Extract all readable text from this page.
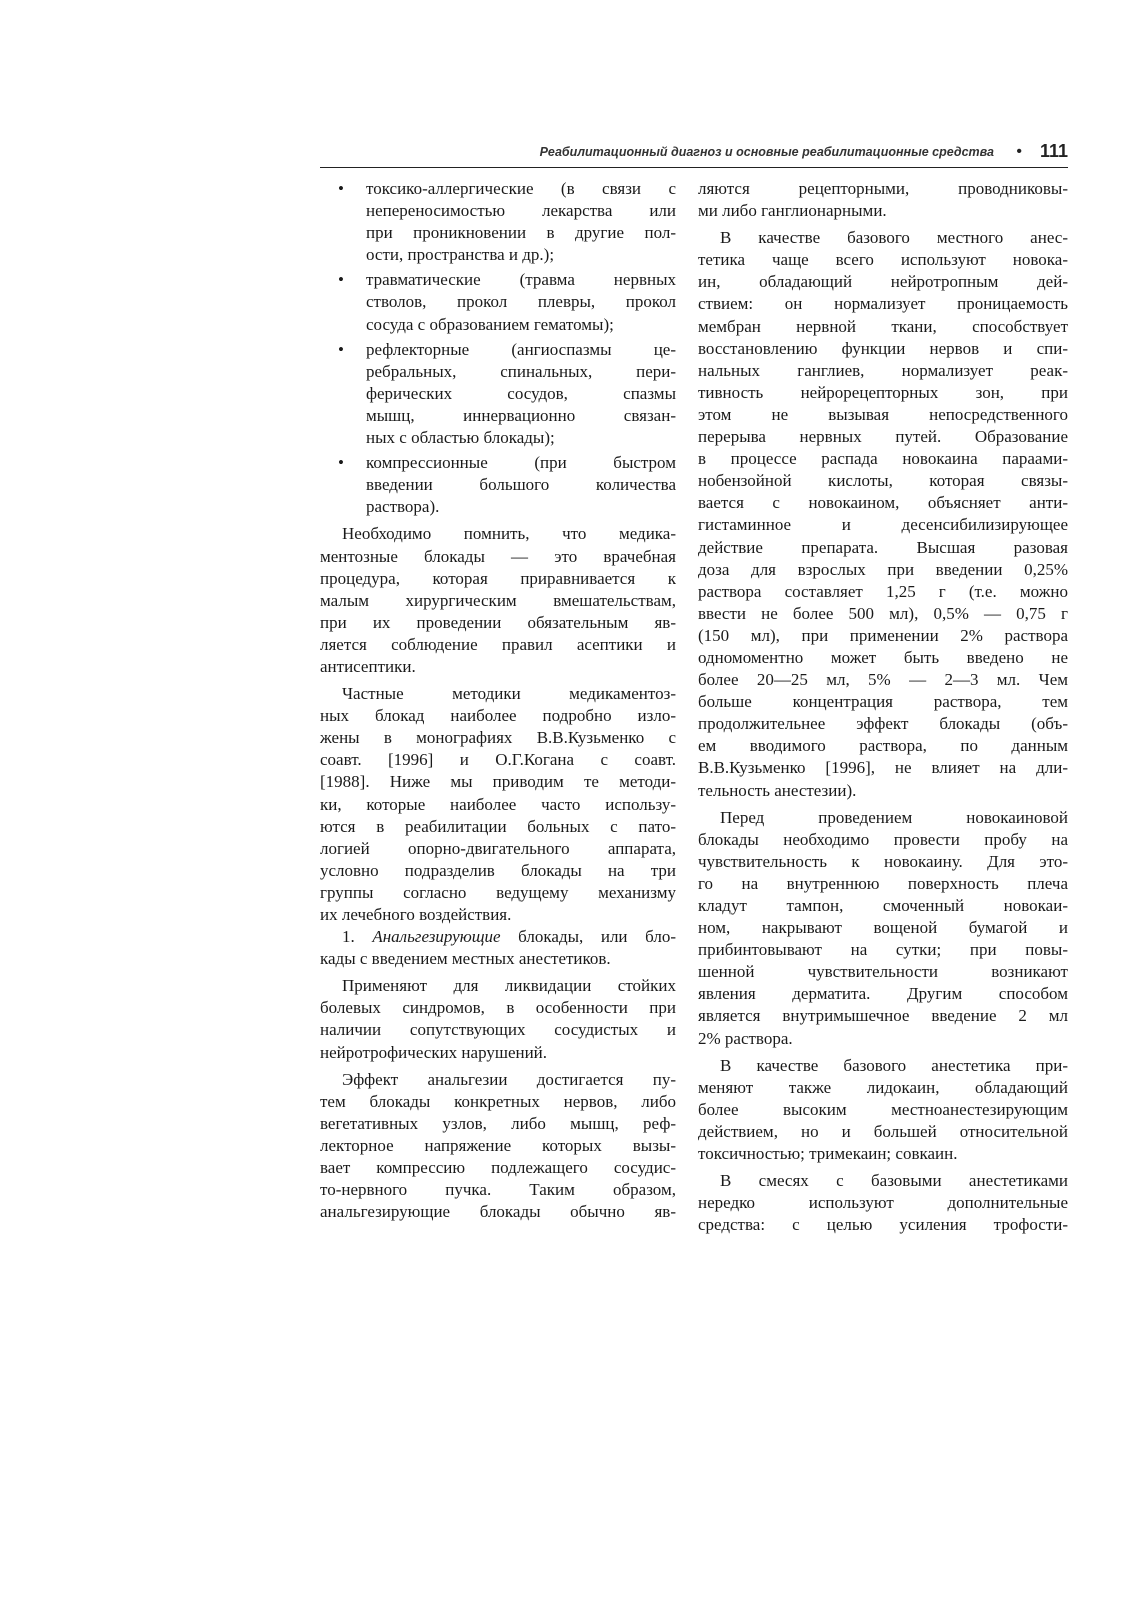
Реабилитационный диагноз и основные реабилитационные средства • 111
•	токсико-аллергические (в связи с
непереносимостью лекарства или
при проникновении в другие пол-
ости, пространства и др.);
•	травматические (травма нервных
стволов, прокол плевры, прокол
сосуда с образованием гематомы);
•	рефлекторные (ангиоспазмы це-
ребральных, спинальных, пери-
ферических сосудов, спазмы
мышц, иннервационно связан-
ных с областью блокады);
•	компрессионные (при быстром
введении большого количества
раствора).
Необходимо помнить, что медика-
ментозные блокады — это врачебная
процедура, которая приравнивается к
малым хирургическим вмешательствам,
при их проведении обязательным яв-
ляется соблюдение правил асептики и
антисептики.
Частные методики медикаментоз-
ных блокад наиболее подробно изло-
жены в монографиях В.В.Кузьменко с
соавт. [1996] и О.Г.Когана с соавт.
[1988]. Ниже мы приводим те методи-
ки, которые наиболее часто использу-
ются в реабилитации больных с пато-
логией опорно-двигательного аппарата,
условно подразделив блокады на три
группы согласно ведущему механизму
их лечебного воздействия.
1. Анальгезирующие блокады, или бло-
кады с введением местных анестетиков.
Применяют для ликвидации стойких
болевых синдромов, в особенности при
наличии сопутствующих сосудистых и
нейротрофических нарушений.
Эффект анальгезии достигается пу-
тем блокады конкретных нервов, либо
вегетативных узлов, либо мышц, реф-
лекторное напряжение которых вызы-
вает компрессию подлежащего сосудис-
то-нервного пучка. Таким образом,
анальгезирующие блокады обычно яв-
ляются рецепторными, проводниковы-
ми либо ганглионарными.
В качестве базового местного анес-
тетика чаще всего используют новока-
ин, обладающий нейротропным дей-
ствием: он нормализует проницаемость
мембран нервной ткани, способствует
восстановлению функции нервов и спи-
нальных ганглиев, нормализует реак-
тивность нейрорецепторных зон, при
этом не вызывая непосредственного
перерыва нервных путей. Образование
в процессе распада новокаина парaами-
нобензойной кислоты, которая связы-
вается с новокаином, объясняет анти-
гистаминное и десенсибилизирующее
действие препарата. Высшая разовая
доза для взрослых при введении 0,25%
раствора составляет 1,25 г (т.е. можно
ввести не более 500 мл), 0,5% — 0,75 г
(150 мл), при применении 2% раствора
одномоментно может быть введено не
более 20—25 мл, 5% — 2—3 мл. Чем
больше концентрация раствора, тем
продолжительнее эффект блокады (объ-
ем вводимого раствора, по данным
В.В.Кузьменко [1996], не влияет на дли-
тельность анестезии).
Перед проведением новокаиновой
блокады необходимо провести пробу на
чувствительность к новокаину. Для это-
го на внутреннюю поверхность плеча
кладут тампон, смоченный новокаи-
ном, накрывают вощеной бумагой и
прибинтовывают на сутки; при повы-
шенной чувствительности возникают
явления дерматита. Другим способом
является внутримышечное введение 2 мл
2% раствора.
В качестве базового анестетика при-
меняют также лидокаин, обладающий
более высоким местноанестезирующим
действием, но и большей относительной
токсичностью; тримекаин; совкаин.
В смесях с базовыми анестетиками
нередко используют дополнительные
средства: с целью усиления трофости-
